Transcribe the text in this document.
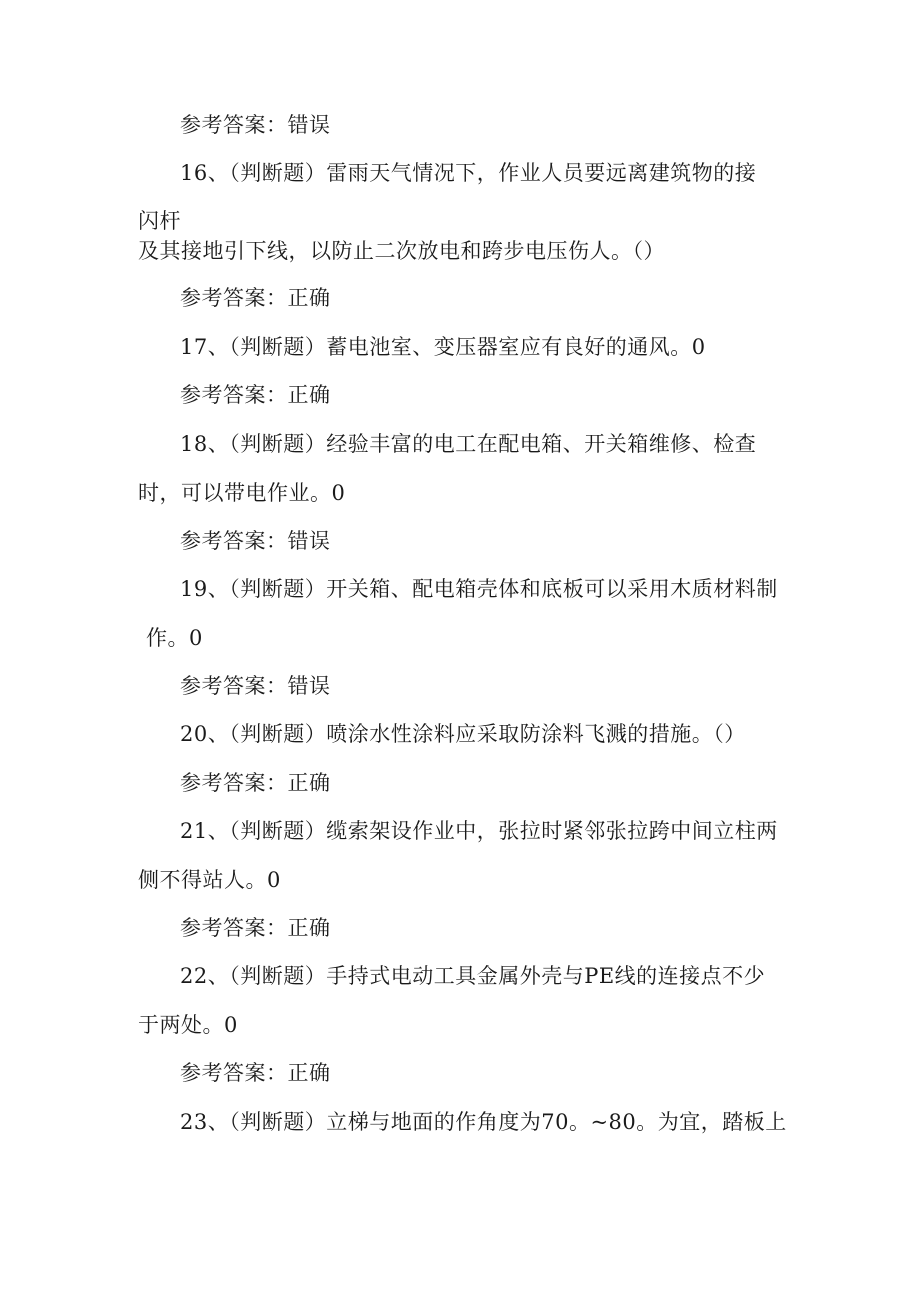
参考答案：错误
16、（判断题）雷雨天气情况下，作业人员要远离建筑物的接
闪杆
及其接地引下线，以防止二次放电和跨步电压伤人。（）
参考答案：正确
17、（判断题）蓄电池室、变压器室应有良好的通风。0
参考答案：正确
18、（判断题）经验丰富的电工在配电箱、开关箱维修、检查
时，可以带电作业。0
参考答案：错误
19、（判断题）开关箱、配电箱壳体和底板可以采用木质材料制
作。0
参考答案：错误
20、（判断题）喷涂水性涂料应采取防涂料飞溅的措施。（）
参考答案：正确
21、（判断题）缆索架设作业中，张拉时紧邻张拉跨中间立柱两
侧不得站人。0
参考答案：正确
22、（判断题）手持式电动工具金属外壳与PE线的连接点不少
于两处。0
参考答案：正确
23、（判断题）立梯与地面的作角度为70。~80。为宜，踏板上
